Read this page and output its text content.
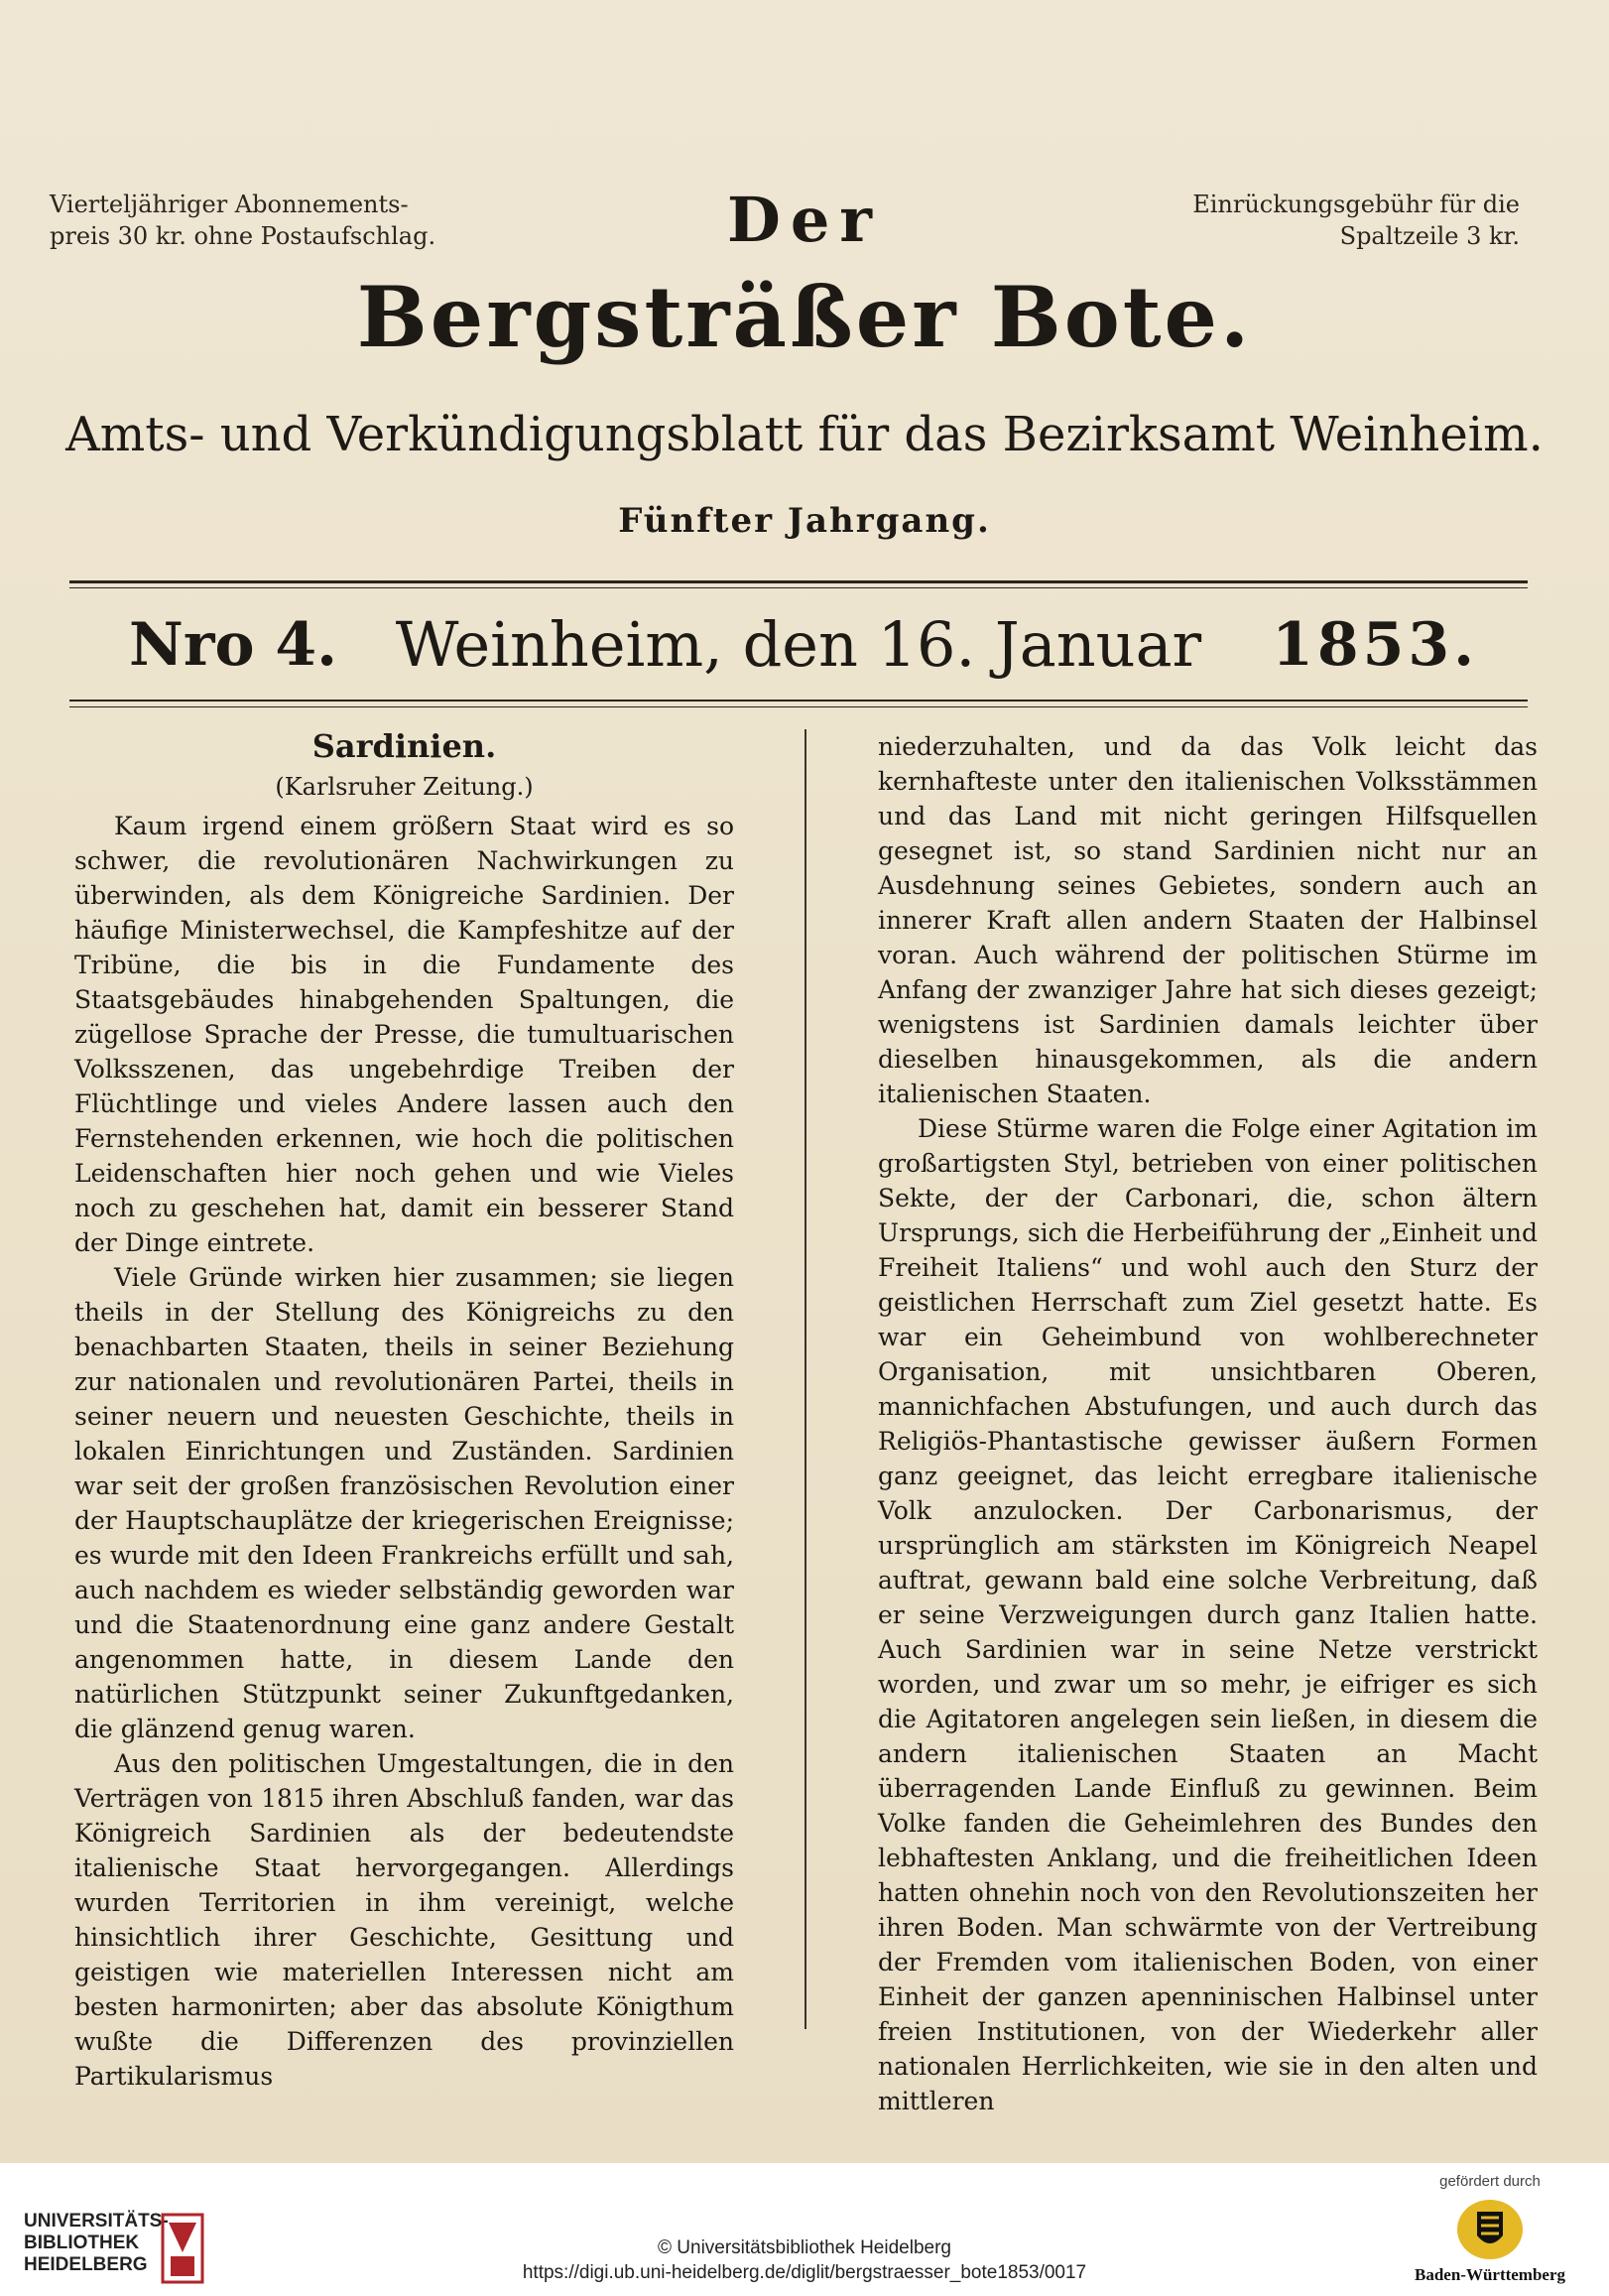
Vierteljähriger Abonnements-
preis 30 kr. ohne Postaufschlag.	Der	Einrückungsgebühr für die
Spaltzeile 3 kr.
Bergsträßer Bote.
Amts- und Verkündigungsblatt für das Bezirksamt Weinheim.
Fünfter Jahrgang.
Nro 4. Weinheim, den 16. Januar	1853.
Sardinien.
(Karlsruher Zeitung.)

Kaum irgend einem größern Staat wird es so schwer, die revolutionären Nachwirkungen zu überwinden, als dem Königreiche Sardinien. Der häufige Ministerwechsel, die Kampfeshitze auf der Tribüne, die bis in die Fundamente des Staatsgebäudes hinabgehenden Spaltungen, die zügellose Sprache der Presse, die tumultuarischen Volksszenen, das ungebehrdige Treiben der Flüchtlinge und vieles Andere lassen auch den Fernstehenden erkennen, wie hoch die politischen Leidenschaften hier noch gehen und wie Vieles noch zu geschehen hat, damit ein besserer Stand der Dinge eintrete.

Viele Gründe wirken hier zusammen; sie liegen theils in der Stellung des Königreichs zu den benachbarten Staaten, theils in seiner Beziehung zur nationalen und revolutionären Partei, theils in seiner neuern und neuesten Geschichte, theils in lokalen Einrichtungen und Zuständen. Sardinien war seit der großen französischen Revolution einer der Hauptschauplätze der kriegerischen Ereignisse; es wurde mit den Ideen Frankreichs erfüllt und sah, auch nachdem es wieder selbständig geworden war und die Staatenordnung eine ganz andere Gestalt angenommen hatte, in diesem Lande den natürlichen Stützpunkt seiner Zukunftgedanken, die glänzend genug waren.

Aus den politischen Umgestaltungen, die in den Verträgen von 1815 ihren Abschluß fanden, war das Königreich Sardinien als der bedeutendste italienische Staat hervorgegangen. Allerdings wurden Territorien in ihm vereinigt, welche hinsichtlich ihrer Geschichte, Gesittung und geistigen wie materiellen Interessen nicht am besten harmonirten; aber das absolute Königthum wußte die Differenzen des provinziellen Partikularismus

niederzuhalten, und da das Volk leicht das kernhafteste unter den italienischen Volksstämmen und das Land mit nicht geringen Hilfsquellen gesegnet ist, so stand Sardinien nicht nur an Ausdehnung seines Gebietes, sondern auch an innerer Kraft allen andern Staaten der Halbinsel voran. Auch während der politischen Stürme im Anfang der zwanziger Jahre hat sich dieses gezeigt; wenigstens ist Sardinien damals leichter über dieselben hinausgekommen, als die andern italienischen Staaten.

Diese Stürme waren die Folge einer Agitation im großartigsten Styl, betrieben von einer politischen Sekte, der der Carbonari, die, schon ältern Ursprungs, sich die Herbeiführung der „Einheit und Freiheit Italiens“ und wohl auch den Sturz der geistlichen Herrschaft zum Ziel gesetzt hatte. Es war ein Geheimbund von wohlberechneter Organisation, mit unsichtbaren Oberen, mannichfachen Abstufungen, und auch durch das Religiös-Phantastische gewisser äußern Formen ganz geeignet, das leicht erregbare italienische Volk anzulocken. Der Carbonarismus, der ursprünglich am stärksten im Königreich Neapel auftrat, gewann bald eine solche Verbreitung, daß er seine Verzweigungen durch ganz Italien hatte. Auch Sardinien war in seine Netze verstrickt worden, und zwar um so mehr, je eifriger es sich die Agitatoren angelegen sein ließen, in diesem die andern italienischen Staaten an Macht überragenden Lande Einfluß zu gewinnen. Beim Volke fanden die Geheimlehren des Bundes den lebhaftesten Anklang, und die freiheitlichen Ideen hatten ohnehin noch von den Revolutionszeiten her ihren Boden. Man schwärmte von der Vertreibung der Fremden vom italienischen Boden, von einer Einheit der ganzen apenninischen Halbinsel unter freien Institutionen, von der Wiederkehr aller nationalen Herrlichkeiten, wie sie in den alten und mittleren

UNIVERSITÄTS-
BIBLIOTHEK
HEIDELBERG
© Universitätsbibliothek Heidelberg
https://digi.ub.uni-heidelberg.de/diglit/bergstraesser_bote1853/0017
gefördert durch
Baden-Württemberg
